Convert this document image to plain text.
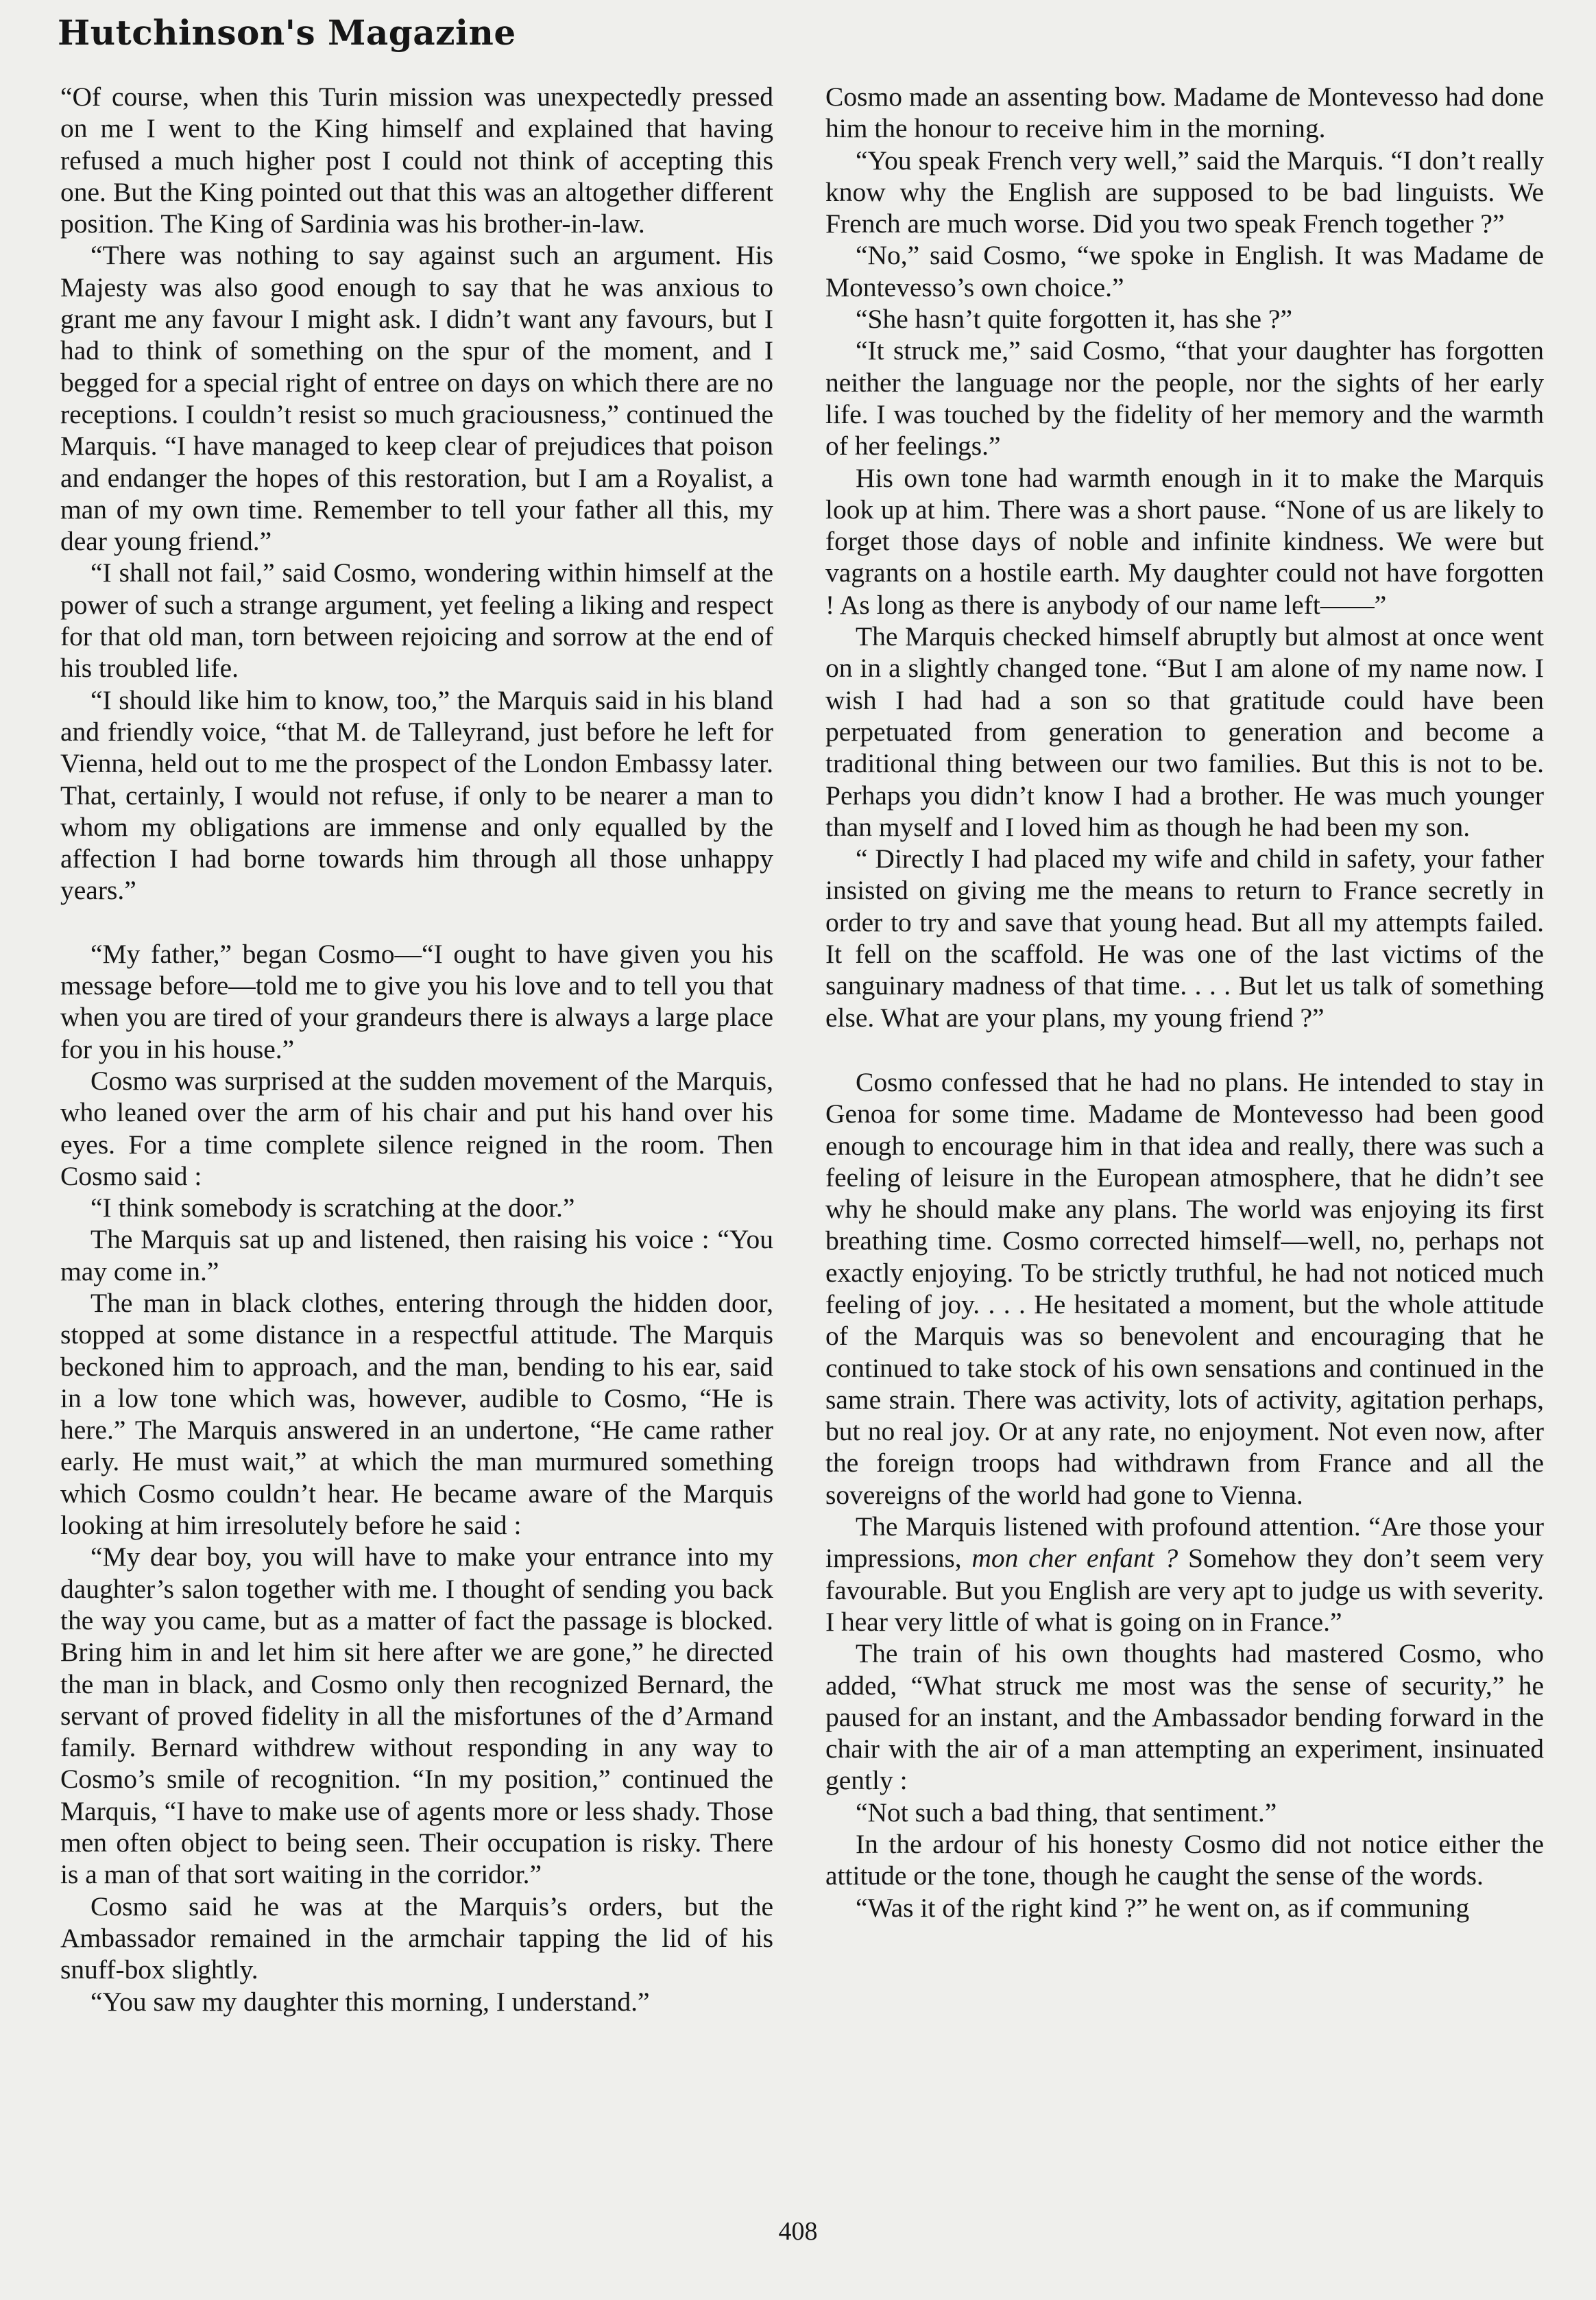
Hutchinson's Magazine

“Of course, when this Turin mission was unexpectedly pressed on me I went to the King himself and explained that having refused a much higher post I could not think of accepting this one. But the King pointed out that this was an altogether different position. The King of Sardinia was his brother-in-law.

“There was nothing to say against such an argument. His Majesty was also good enough to say that he was anxious to grant me any favour I might ask. I didn’t want any favours, but I had to think of something on the spur of the moment, and I begged for a special right of entree on days on which there are no receptions. I couldn’t resist so much graciousness,” continued the Marquis. “I have managed to keep clear of prejudices that poison and endanger the hopes of this restoration, but I am a Royalist, a man of my own time. Remember to tell your father all this, my dear young friend.”

“I shall not fail,” said Cosmo, wondering within himself at the power of such a strange argument, yet feeling a liking and respect for that old man, torn between rejoicing and sorrow at the end of his troubled life.

“I should like him to know, too,” the Marquis said in his bland and friendly voice, “that M. de Talleyrand, just before he left for Vienna, held out to me the prospect of the London Embassy later. That, certainly, I would not refuse, if only to be nearer a man to whom my obligations are immense and only equalled by the affection I had borne towards him through all those unhappy years.”

“My father,” began Cosmo—“I ought to have given you his message before—told me to give you his love and to tell you that when you are tired of your grandeurs there is always a large place for you in his house.”

Cosmo was surprised at the sudden movement of the Marquis, who leaned over the arm of his chair and put his hand over his eyes. For a time complete silence reigned in the room. Then Cosmo said :

“I think somebody is scratching at the door.”

The Marquis sat up and listened, then raising his voice : “You may come in.”

The man in black clothes, entering through the hidden door, stopped at some distance in a respectful attitude. The Marquis beckoned him to approach, and the man, bending to his ear, said in a low tone which was, however, audible to Cosmo, “He is here.” The Marquis answered in an undertone, “He came rather early. He must wait,” at which the man murmured something which Cosmo couldn’t hear. He became aware of the Marquis looking at him irresolutely before he said :

“My dear boy, you will have to make your entrance into my daughter’s salon together with me. I thought of sending you back the way you came, but as a matter of fact the passage is blocked. Bring him in and let him sit here after we are gone,” he directed the man in black, and Cosmo only then recognized Bernard, the servant of proved fidelity in all the misfortunes of the d’Armand family. Bernard withdrew without responding in any way to Cosmo’s smile of recognition. “In my position,” continued the Marquis, “I have to make use of agents more or less shady. Those men often object to being seen. Their occupation is risky. There is a man of that sort waiting in the corridor.”

Cosmo said he was at the Marquis’s orders, but the Ambassador remained in the armchair tapping the lid of his snuff-box slightly.

“You saw my daughter this morning, I understand.”

Cosmo made an assenting bow. Madame de Montevesso had done him the honour to receive him in the morning.

“You speak French very well,” said the Marquis. “I don’t really know why the English are supposed to be bad linguists. We French are much worse. Did you two speak French together ?”

“No,” said Cosmo, “we spoke in English. It was Madame de Montevesso’s own choice.”

“She hasn’t quite forgotten it, has she ?”

“It struck me,” said Cosmo, “that your daughter has forgotten neither the language nor the people, nor the sights of her early life. I was touched by the fidelity of her memory and the warmth of her feelings.”

His own tone had warmth enough in it to make the Marquis look up at him. There was a short pause. “None of us are likely to forget those days of noble and infinite kindness. We were but vagrants on a hostile earth. My daughter could not have forgotten ! As long as there is anybody of our name left——”

The Marquis checked himself abruptly but almost at once went on in a slightly changed tone. “But I am alone of my name now. I wish I had had a son so that gratitude could have been perpetuated from generation to generation and become a traditional thing between our two families. But this is not to be. Perhaps you didn’t know I had a brother. He was much younger than myself and I loved him as though he had been my son.

“ Directly I had placed my wife and child in safety, your father insisted on giving me the means to return to France secretly in order to try and save that young head. But all my attempts failed. It fell on the scaffold. He was one of the last victims of the sanguinary madness of that time. . . . But let us talk of something else. What are your plans, my young friend ?”

Cosmo confessed that he had no plans. He intended to stay in Genoa for some time. Madame de Montevesso had been good enough to encourage him in that idea and really, there was such a feeling of leisure in the European atmosphere, that he didn’t see why he should make any plans. The world was enjoying its first breathing time. Cosmo corrected himself—well, no, perhaps not exactly enjoying. To be strictly truthful, he had not noticed much feeling of joy. . . . He hesitated a moment, but the whole attitude of the Marquis was so benevolent and encouraging that he continued to take stock of his own sensations and continued in the same strain. There was activity, lots of activity, agitation perhaps, but no real joy. Or at any rate, no enjoyment. Not even now, after the foreign troops had withdrawn from France and all the sovereigns of the world had gone to Vienna.

The Marquis listened with profound attention. “Are those your impressions, mon cher enfant ? Somehow they don’t seem very favourable. But you English are very apt to judge us with severity. I hear very little of what is going on in France.”

The train of his own thoughts had mastered Cosmo, who added, “What struck me most was the sense of security,” he paused for an instant, and the Ambassador bending forward in the chair with the air of a man attempting an experiment, insinuated gently :

“Not such a bad thing, that sentiment.”

In the ardour of his honesty Cosmo did not notice either the attitude or the tone, though he caught the sense of the words.

“Was it of the right kind ?” he went on, as if communing

408
